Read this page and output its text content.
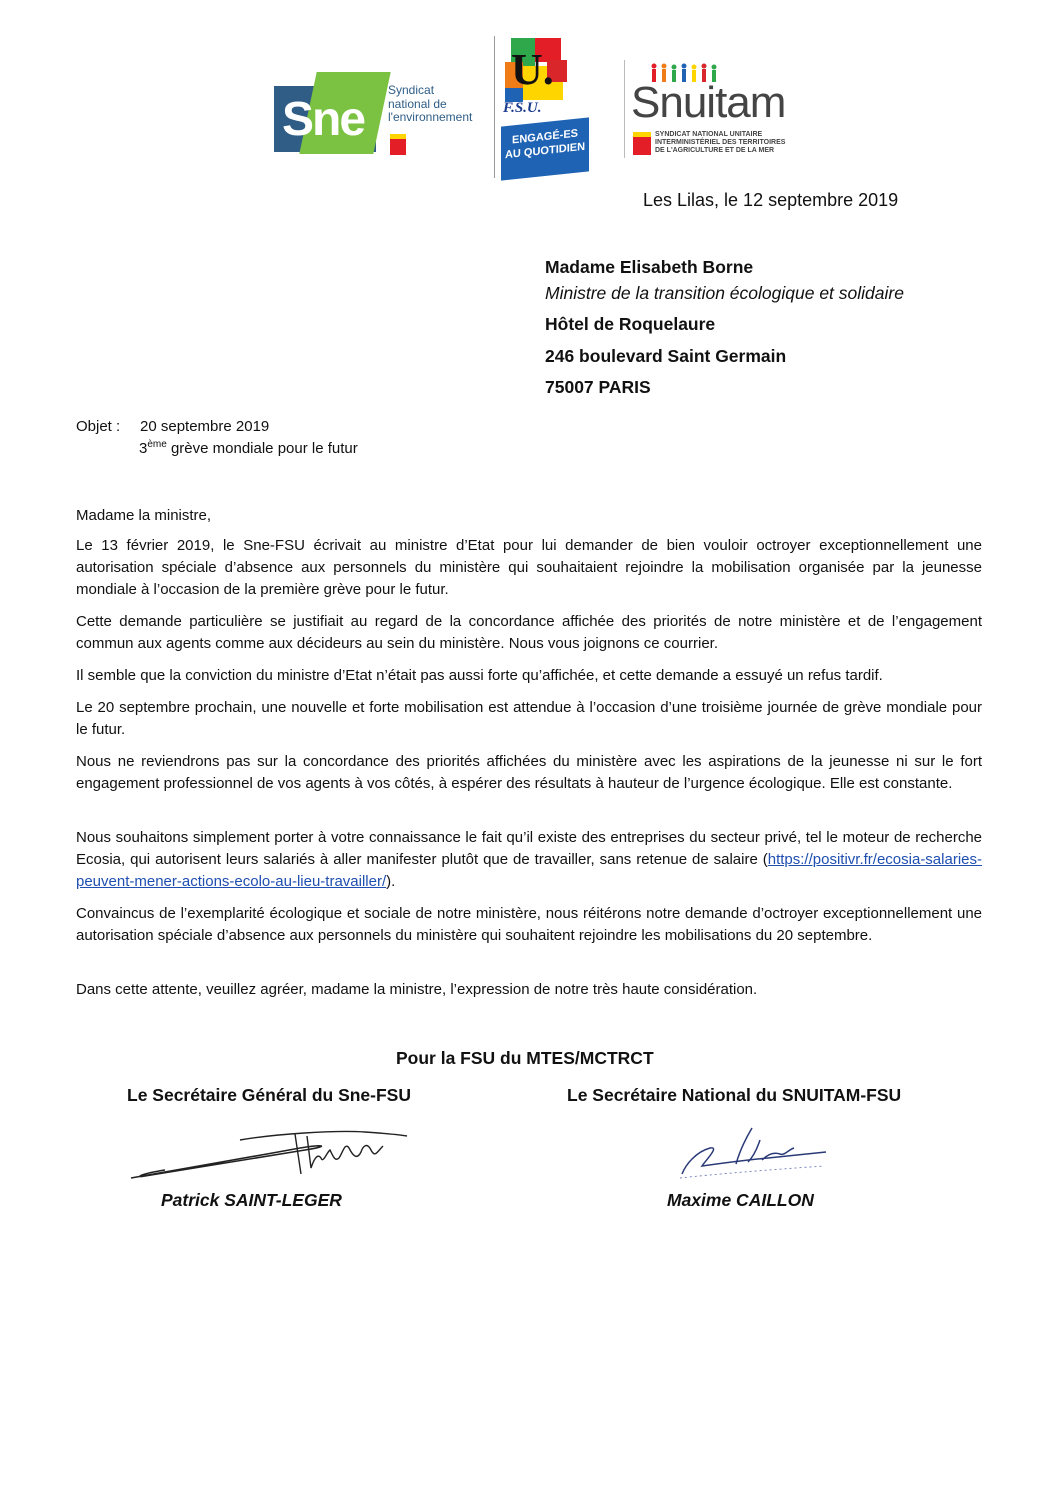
Sne
Syndicat
national de
l'environnement
U.
F.S.U.
ENGAGÉ-ES
AU QUOTIDIEN
Snuitam
SYNDICAT NATIONAL UNITAIRE
INTERMINISTÉRIEL DES TERRITOIRES
DE L'AGRICULTURE ET DE LA MER
Les Lilas, le 12 septembre 2019
Madame Elisabeth Borne
Ministre de la transition écologique et solidaire
Hôtel de Roquelaure
246 boulevard Saint Germain
75007 PARIS
Objet : 20 septembre 2019
3ème grève mondiale pour le futur

Madame la ministre,

Le 13 février 2019, le Sne-FSU écrivait au ministre d’Etat pour lui demander de bien vouloir octroyer exceptionnellement une autorisation spéciale d’absence aux personnels du ministère qui souhaitaient rejoindre la mobilisation organisée par la jeunesse mondiale à l’occasion de la première grève pour le futur.

Cette demande particulière se justifiait au regard de la concordance affichée des priorités de notre ministère et de l’engagement commun aux agents comme aux décideurs au sein du ministère. Nous vous joignons ce courrier.

Il semble que la conviction du ministre d’Etat n’était pas aussi forte qu’affichée, et cette demande a essuyé un refus tardif.

Le 20 septembre prochain, une nouvelle et forte mobilisation est attendue à l’occasion d’une troisième journée de grève mondiale pour le futur.

Nous ne reviendrons pas sur la concordance des priorités affichées du ministère avec les aspirations de la jeunesse ni sur le fort engagement professionnel de vos agents à vos côtés, à espérer des résultats à hauteur de l’urgence écologique. Elle est constante.

Nous souhaitons simplement porter à votre connaissance le fait qu’il existe des entreprises du secteur privé, tel le moteur de recherche Ecosia, qui autorisent leurs salariés à aller manifester plutôt que de travailler, sans retenue de salaire (https://positivr.fr/ecosia-salaries-peuvent-mener-actions-ecolo-au-lieu-travailler/).

Convaincus de l’exemplarité écologique et sociale de notre ministère, nous réitérons notre demande d’octroyer exceptionnellement une autorisation spéciale d’absence aux personnels du ministère qui souhaitent rejoindre les mobilisations du 20 septembre.

Dans cette attente, veuillez agréer, madame la ministre, l’expression de notre très haute considération.

Pour la FSU du MTES/MCTRCT
Le Secrétaire Général du Sne-FSU	Le Secrétaire National du SNUITAM-FSU
Patrick SAINT-LEGER	Maxime CAILLON
